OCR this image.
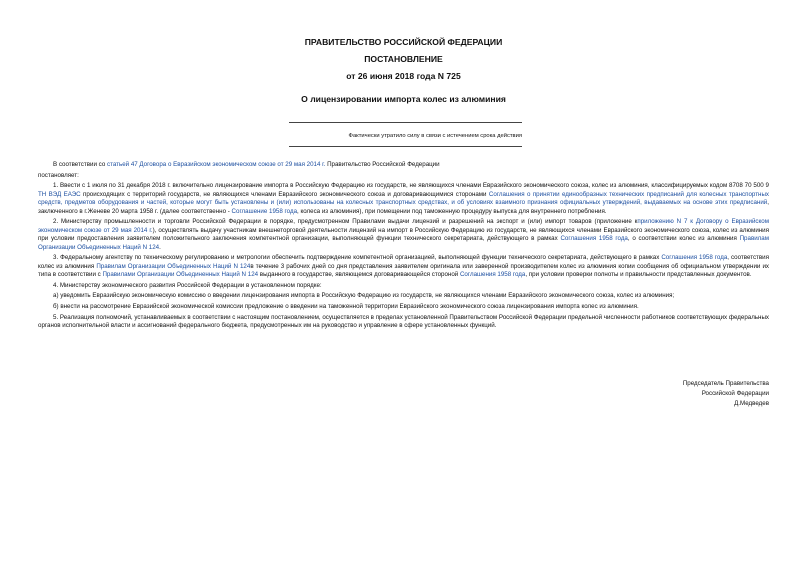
ПРАВИТЕЛЬСТВО РОССИЙСКОЙ ФЕДЕРАЦИИ
ПОСТАНОВЛЕНИЕ
от 26 июня 2018 года N 725
О лицензировании импорта колес из алюминия
Фактически утратило силу в связи с истечением срока действия

В соответствии со статьей 47 Договора о Евразийском экономическом союзе от 29 мая 2014 г. Правительство Российской Федерации

постановляет:

1. Ввести с 1 июля по 31 декабря 2018 г. включительно лицензирование импорта в Российскую Федерацию из государств, не являющихся членами Евразийского экономического союза, колес из алюминия, классифицируемых кодом 8708 70 500 9 ТН ВЭД ЕАЭС происходящих с территорий государств, не являющихся членами Евразийского экономического союза и договаривающимися сторонами Соглашения о принятии единообразных технических предписаний для колесных транспортных средств, предметов оборудования и частей, которые могут быть установлены и (или) использованы на колесных транспортных средствах, и об условиях взаимного признания официальных утверждений, выдаваемых на основе этих предписаний, заключенного в г.Женеве 20 марта 1958 г. (далее соответственно - Соглашение 1958 года, колеса из алюминия), при помещении под таможенную процедуру выпуска для внутреннего потребления.

2. Министерству промышленности и торговли Российской Федерации в порядке, предусмотренном Правилами выдачи лицензий и разрешений на экспорт и (или) импорт товаров (приложение кприложению N 7 к Договору о Евразийском экономическом союзе от 29 мая 2014 г.), осуществлять выдачу участникам внешнеторговой деятельности лицензий на импорт в Российскую Федерацию из государств, не являющихся членами Евразийского экономического союза, колес из алюминия при условии предоставления заявителем положительного заключения компетентной организации, выполняющей функции технического секретариата, действующего в рамках Соглашения 1958 года, о соответствии колес из алюминия Правилам Организации Объединенных Наций N 124.

3. Федеральному агентству по техническому регулированию и метрологии обеспечить подтверждение компетентной организацией, выполняющей функции технического секретариата, действующего в рамках Соглашения 1958 года, соответствия колес из алюминия Правилам Организации Объединенных Наций N 124в течение 3 рабочих дней со дня представления заявителем оригинала или заверенной производителем колес из алюминия копии сообщения об официальном утверждении их типа в соответствии с Правилами Организации Объединенных Наций N 124 выданного в государстве, являющемся договаривающейся стороной Соглашения 1958 года, при условии проверки полноты и правильности представленных документов.

4. Министерству экономического развития Российской Федерации в установленном порядке:

а) уведомить Евразийскую экономическую комиссию о введении лицензирования импорта в Российскую Федерацию из государств, не являющихся членами Евразийского экономического союза, колес из алюминия;

б) внести на рассмотрение Евразийской экономической комиссии предложение о введении на таможенной территории Евразийского экономического союза лицензирования импорта колес из алюминия.

5. Реализация полномочий, устанавливаемых в соответствии с настоящим постановлением, осуществляется в пределах установленной Правительством Российской Федерации предельной численности работников соответствующих федеральных органов исполнительной власти и ассигнований федерального бюджета, предусмотренных им на руководство и управление в сфере установленных функций.

Председатель Правительства
Российской Федерации
Д.Медведев
